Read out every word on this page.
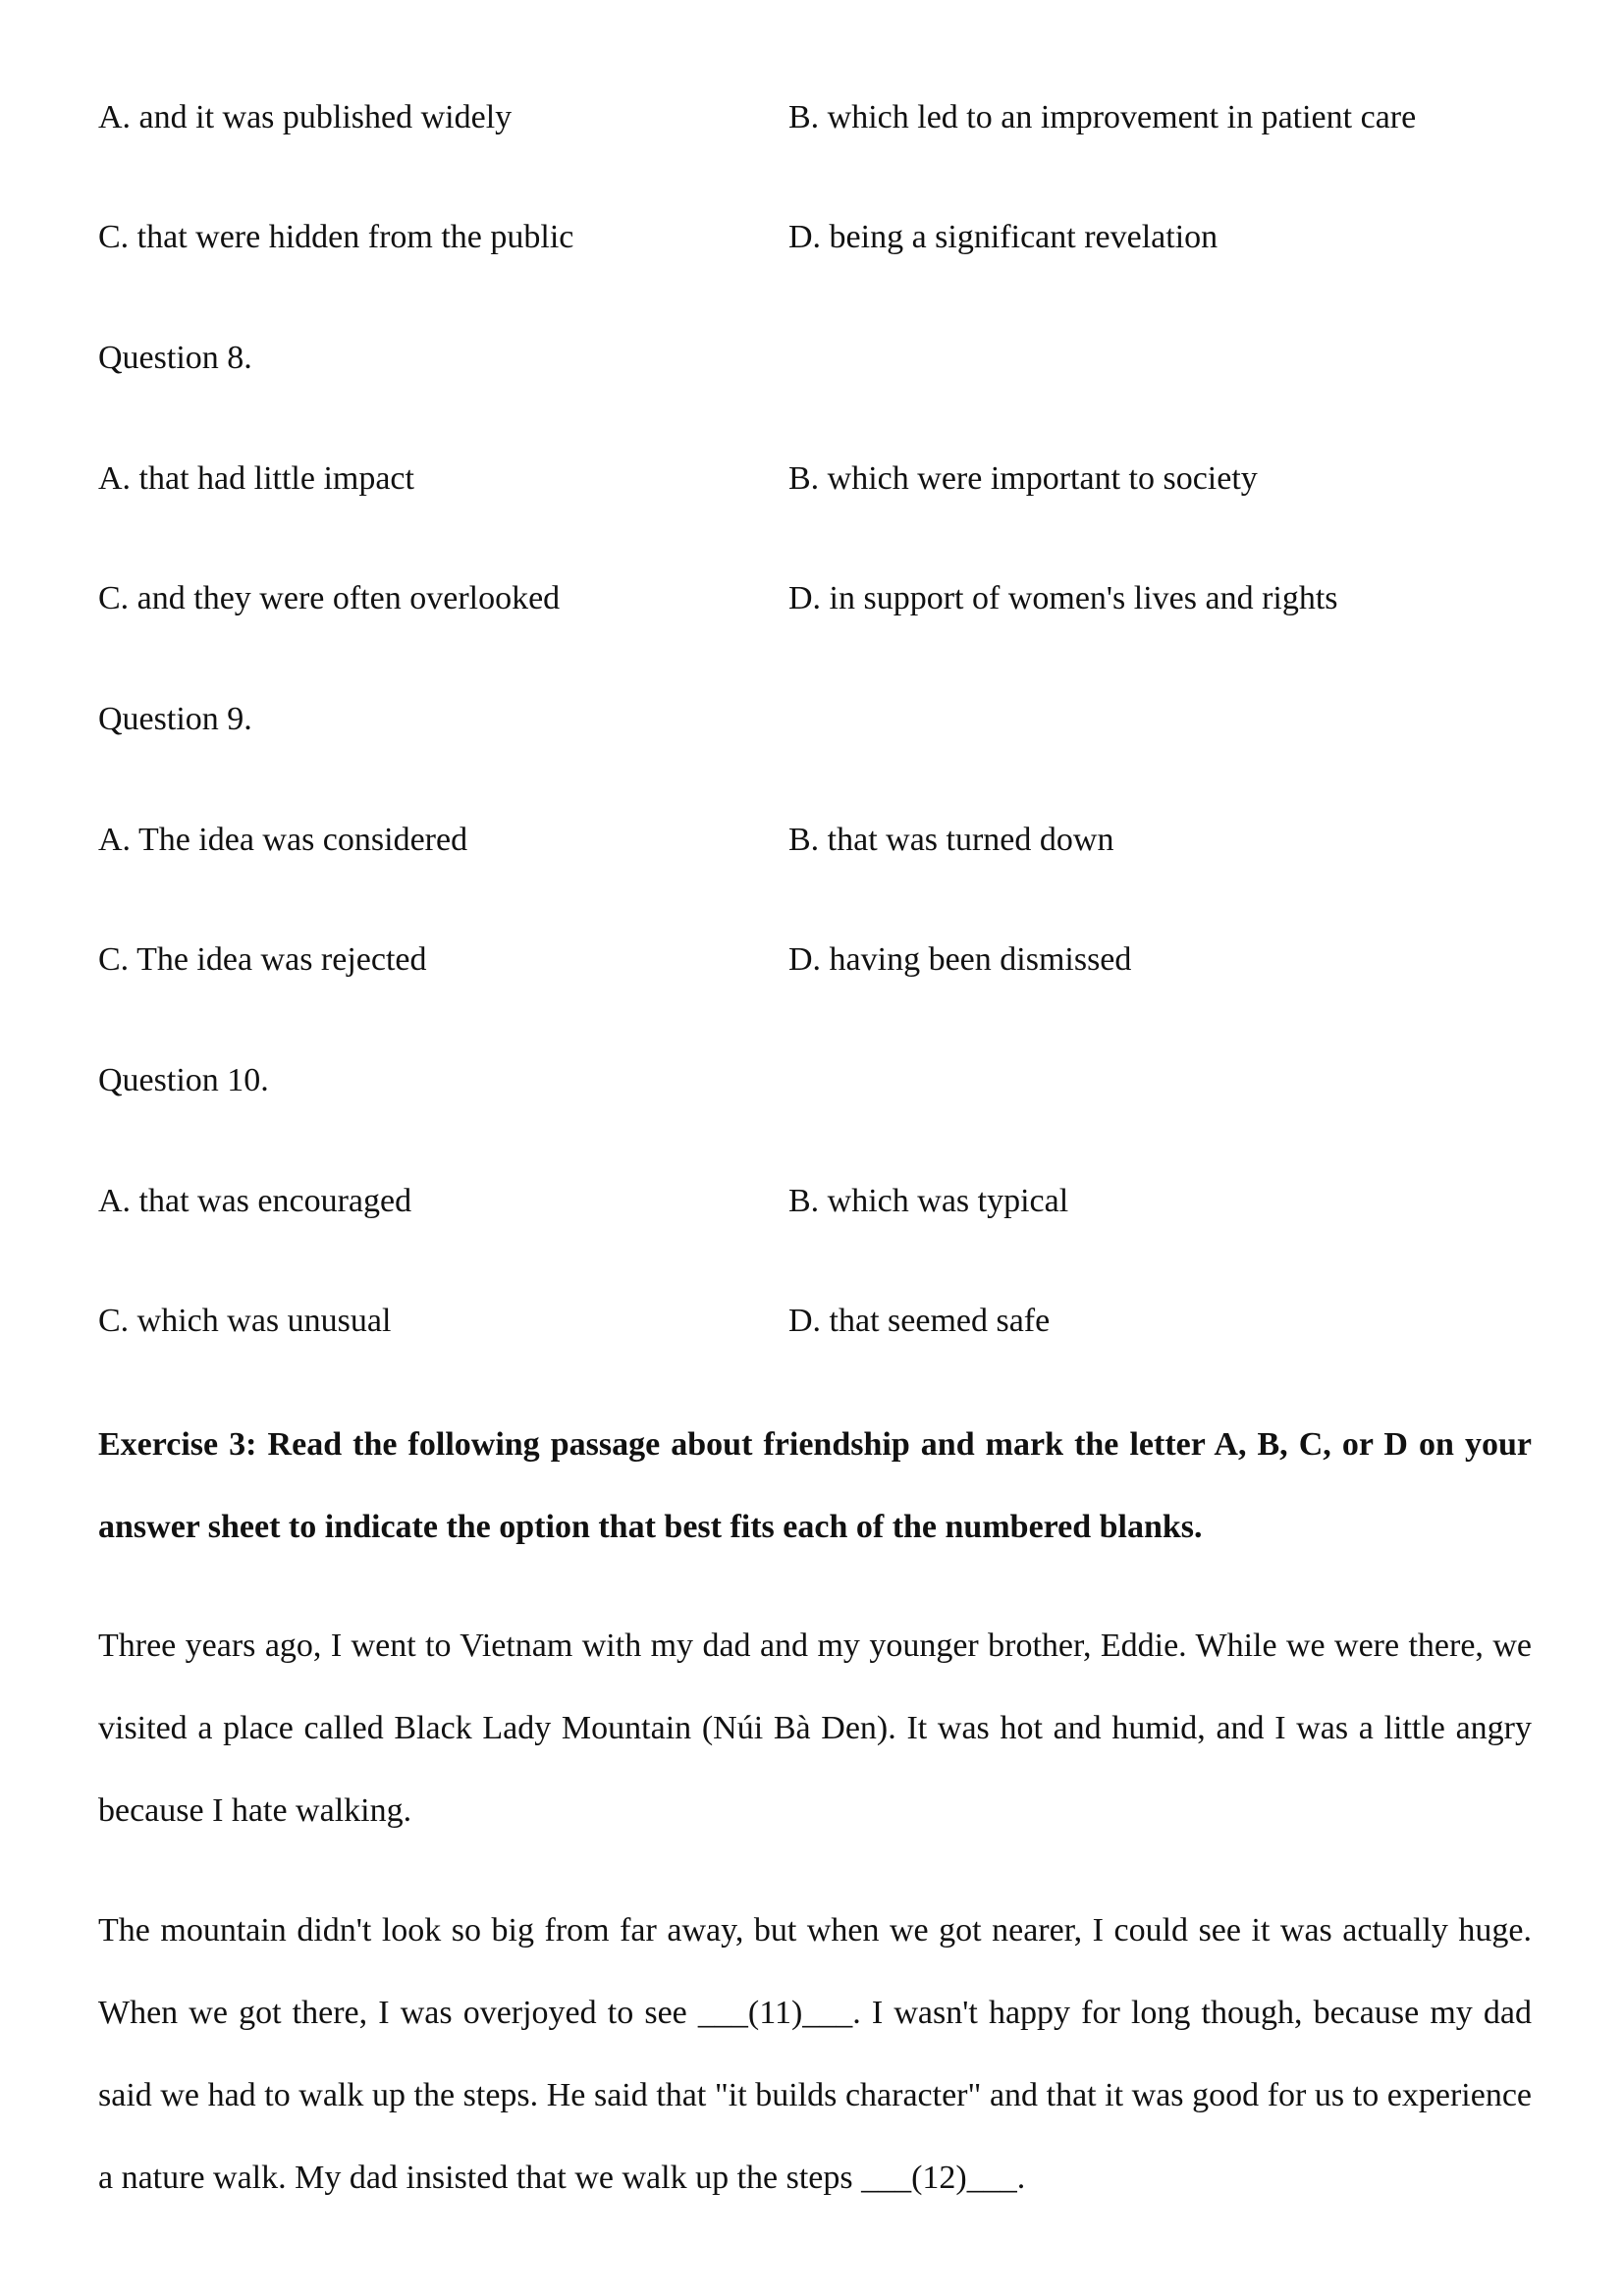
A. and it was published widely	B. which led to an improvement in patient care
C. that were hidden from the public	D. being a significant revelation
Question 8.
A. that had little impact	B. which were important to society
C. and they were often overlooked	D. in support of women's lives and rights
Question 9.
A. The idea was considered	B. that was turned down
C. The idea was rejected	D. having been dismissed
Question 10.
A. that was encouraged	B. which was typical
C. which was unusual	D. that seemed safe
Exercise 3: Read the following passage about friendship and mark the letter A, B, C, or D on your answer sheet to indicate the option that best fits each of the numbered blanks.
Three years ago, I went to Vietnam with my dad and my younger brother, Eddie. While we were there, we visited a place called Black Lady Mountain (Núi Bà Den). It was hot and humid, and I was a little angry because I hate walking.
The mountain didn't look so big from far away, but when we got nearer, I could see it was actually huge. When we got there, I was overjoyed to see ___(11)___. I wasn't happy for long though, because my dad said we had to walk up the steps. He said that "it builds character" and that it was good for us to experience a nature walk. My dad insisted that we walk up the steps ___(12)___.
